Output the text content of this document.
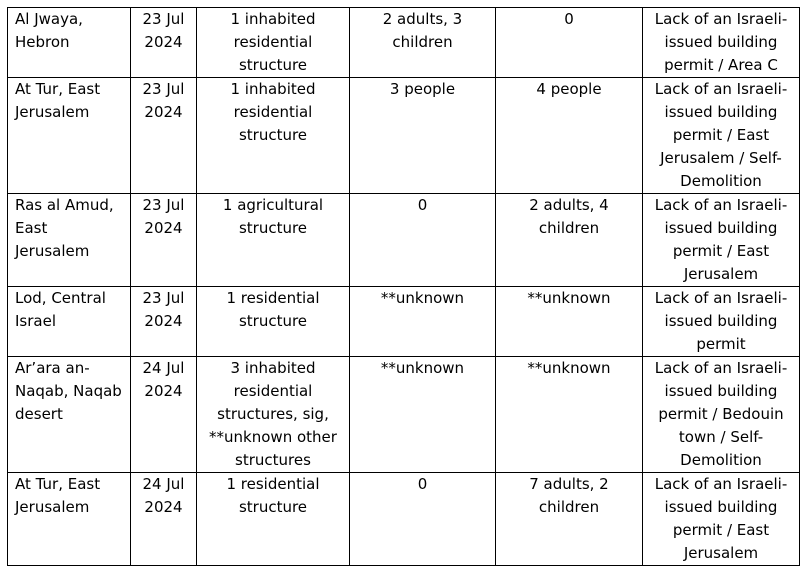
Al Jwaya, Hebron	23 Jul 2024	1 inhabited residential structure	2 adults, 3 children	0	Lack of an Israeli-issued building permit / Area C
At Tur, East Jerusalem	23 Jul 2024	1 inhabited residential structure	3 people	4 people	Lack of an Israeli-issued building permit / East Jerusalem / Self-Demolition
Ras al Amud, East Jerusalem	23 Jul 2024	1 agricultural structure	0	2 adults, 4 children	Lack of an Israeli-issued building permit / East Jerusalem
Lod, Central Israel	23 Jul 2024	1 residential structure	**unknown	**unknown	Lack of an Israeli-issued building permit
Ar’ara an-Naqab, Naqab desert	24 Jul 2024	3 inhabited residential structures, sig, **unknown other structures	**unknown	**unknown	Lack of an Israeli-issued building permit / Bedouin town / Self-Demolition
At Tur, East Jerusalem	24 Jul 2024	1 residential structure	0	7 adults, 2 children	Lack of an Israeli-issued building permit / East Jerusalem
